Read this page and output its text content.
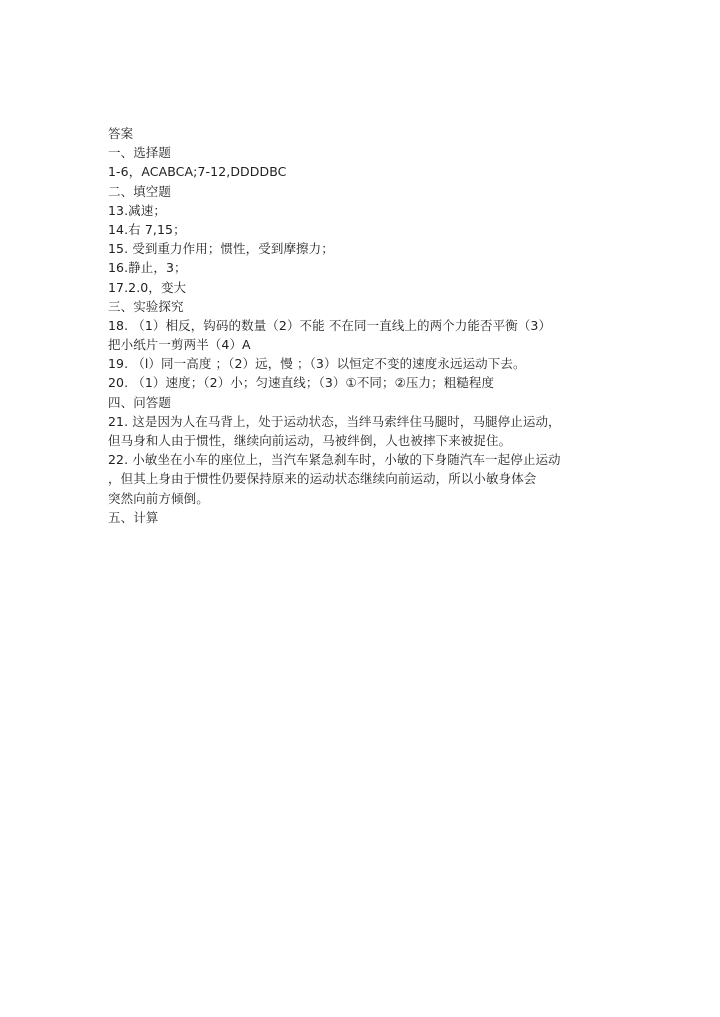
答案
一、选择题
1-6，ACABCA;7-12,DDDDBC
二、填空题
13.减速；
14.右 7,15；
15. 受到重力作用；惯性，受到摩擦力；
16.静止，3；
17.2.0，变大
三、实验探究
18. （1）相反，钩码的数量（2）不能 不在同一直线上的两个力能否平衡（3）
把小纸片一剪两半（4）A
19. （l）同一高度 ；（2）远，慢 ；（3）以恒定不变的速度永远运动下去。
20. （1）速度；（2）小；匀速直线；（3）①不同；②压力；粗糙程度
四、问答题
21. 这是因为人在马背上，处于运动状态，当绊马索绊住马腿时，马腿停止运动，
但马身和人由于惯性，继续向前运动，马被绊倒，人也被摔下来被捉住。
22. 小敏坐在小车的座位上，当汽车紧急刹车时，小敏的下身随汽车一起停止运动
，但其上身由于惯性仍要保持原来的运动状态继续向前运动，所以小敏身体会
突然向前方倾倒。
五、计算
